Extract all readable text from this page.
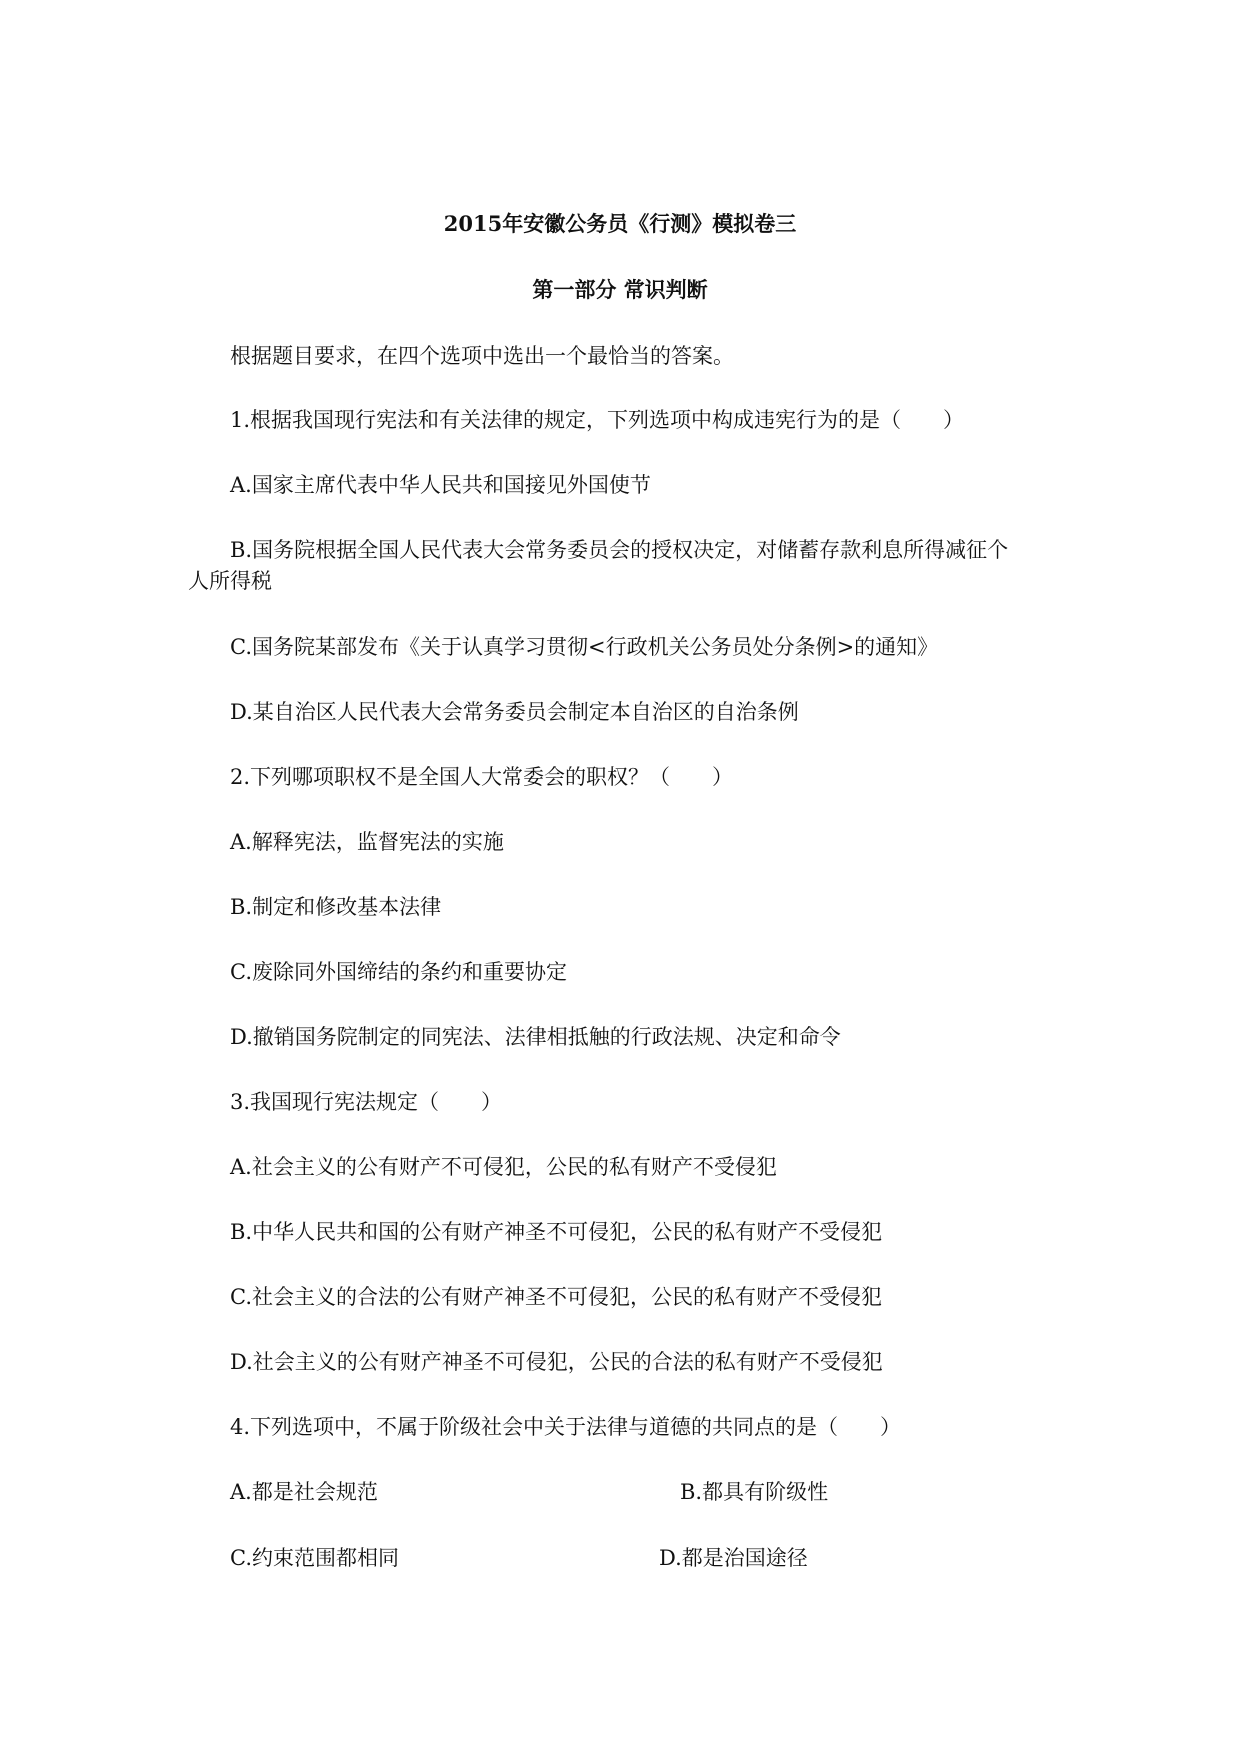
2015年安徽公务员《行测》模拟卷三
第一部分 常识判断
根据题目要求，在四个选项中选出一个最恰当的答案。
1.根据我国现行宪法和有关法律的规定，下列选项中构成违宪行为的是（　　）
A.国家主席代表中华人民共和国接见外国使节
B.国务院根据全国人民代表大会常务委员会的授权决定，对储蓄存款利息所得减征个
人所得税
C.国务院某部发布《关于认真学习贯彻<行政机关公务员处分条例>的通知》
D.某自治区人民代表大会常务委员会制定本自治区的自治条例
2.下列哪项职权不是全国人大常委会的职权？（　　）
A.解释宪法，监督宪法的实施
B.制定和修改基本法律
C.废除同外国缔结的条约和重要协定
D.撤销国务院制定的同宪法、法律相抵触的行政法规、决定和命令
3.我国现行宪法规定（　　）
A.社会主义的公有财产不可侵犯，公民的私有财产不受侵犯
B.中华人民共和国的公有财产神圣不可侵犯，公民的私有财产不受侵犯
C.社会主义的合法的公有财产神圣不可侵犯，公民的私有财产不受侵犯
D.社会主义的公有财产神圣不可侵犯，公民的合法的私有财产不受侵犯
4.下列选项中，不属于阶级社会中关于法律与道德的共同点的是（　　）
A.都是社会规范	B.都具有阶级性
C.约束范围都相同	D.都是治国途径
